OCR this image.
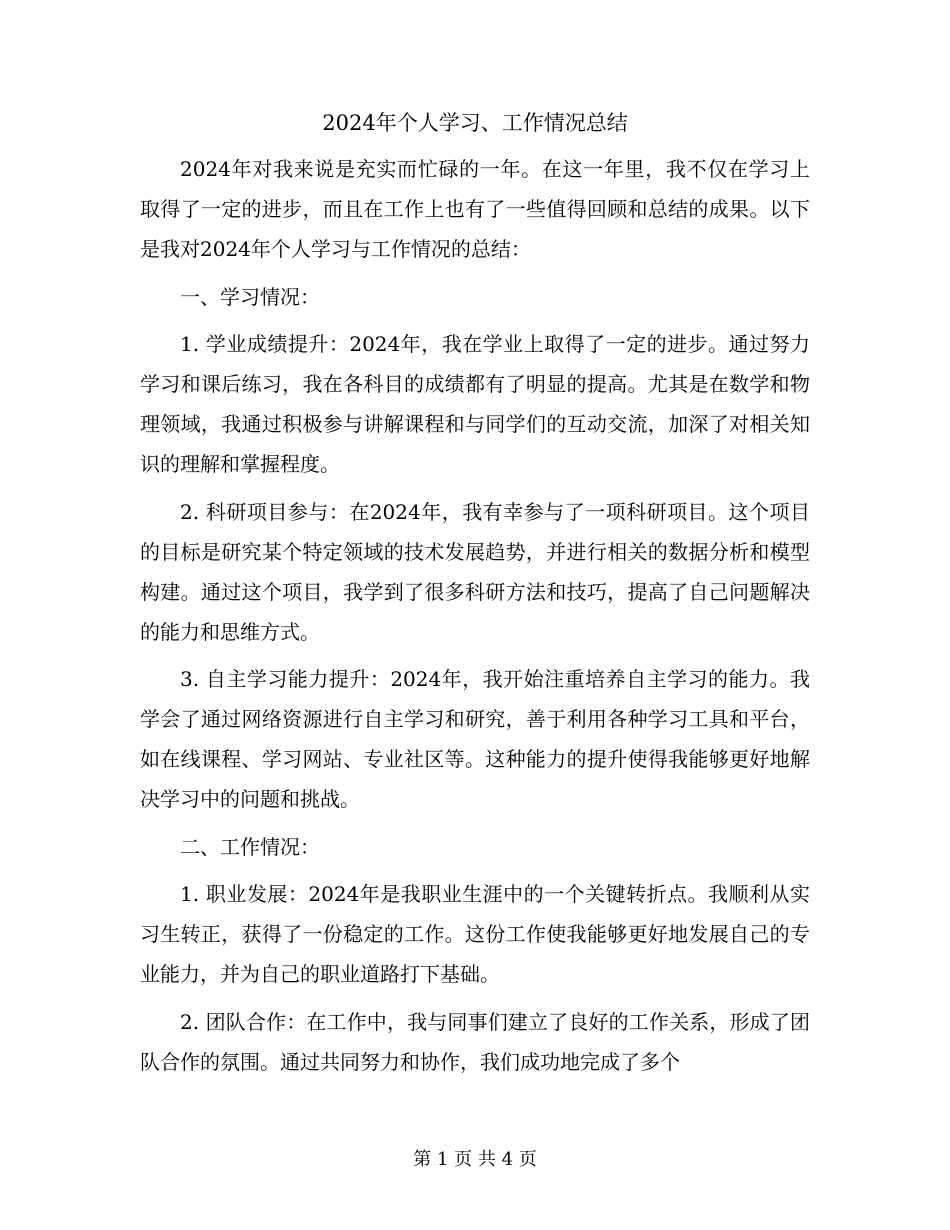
2024年个人学习、工作情况总结

2024年对我来说是充实而忙碌的一年。在这一年里，我不仅在学习上取得了一定的进步，而且在工作上也有了一些值得回顾和总结的成果。以下是我对2024年个人学习与工作情况的总结：

一、学习情况：

1. 学业成绩提升：2024年，我在学业上取得了一定的进步。通过努力学习和课后练习，我在各科目的成绩都有了明显的提高。尤其是在数学和物理领域，我通过积极参与讲解课程和与同学们的互动交流，加深了对相关知识的理解和掌握程度。

2. 科研项目参与：在2024年，我有幸参与了一项科研项目。这个项目的目标是研究某个特定领域的技术发展趋势，并进行相关的数据分析和模型构建。通过这个项目，我学到了很多科研方法和技巧，提高了自己问题解决的能力和思维方式。

3. 自主学习能力提升：2024年，我开始注重培养自主学习的能力。我学会了通过网络资源进行自主学习和研究，善于利用各种学习工具和平台，如在线课程、学习网站、专业社区等。这种能力的提升使得我能够更好地解决学习中的问题和挑战。

二、工作情况：

1. 职业发展：2024年是我职业生涯中的一个关键转折点。我顺利从实习生转正，获得了一份稳定的工作。这份工作使我能够更好地发展自己的专业能力，并为自己的职业道路打下基础。

2. 团队合作：在工作中，我与同事们建立了良好的工作关系，形成了团队合作的氛围。通过共同努力和协作，我们成功地完成了多个

第 1 页 共 4 页
